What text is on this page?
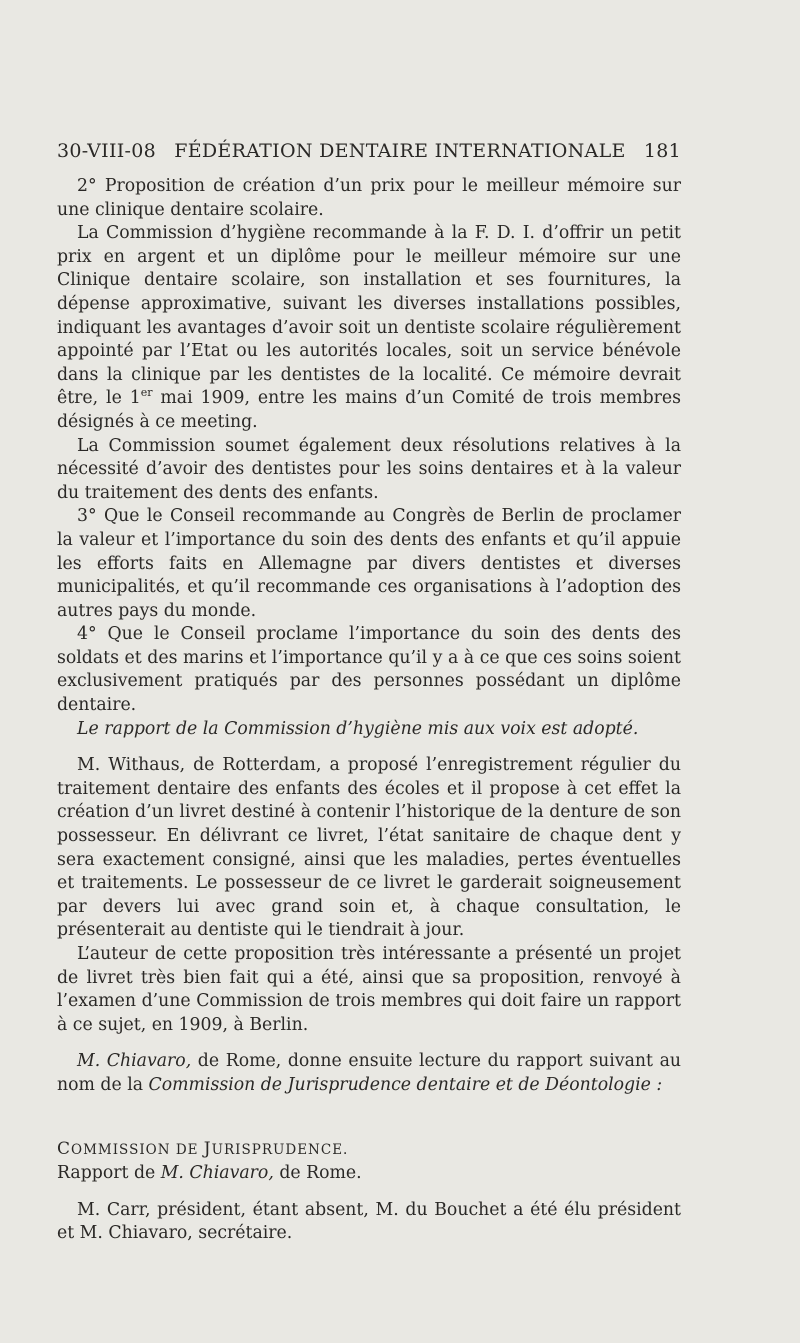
30-VIII-08 FÉDÉRATION DENTAIRE INTERNATIONALE 181

2° Proposition de création d’un prix pour le meilleur mémoire sur une clinique dentaire scolaire.

La Commission d’hygiène recommande à la F. D. I. d’offrir un petit prix en argent et un diplôme pour le meilleur mémoire sur une Clinique dentaire scolaire, son installation et ses fournitures, la dépense approximative, suivant les diverses installations possibles, indiquant les avantages d’avoir soit un dentiste scolaire régulièrement appointé par l’Etat ou les autorités locales, soit un service bénévole dans la clinique par les dentistes de la localité. Ce mémoire devrait être, le 1er mai 1909, entre les mains d’un Comité de trois membres désignés à ce meeting.

La Commission soumet également deux résolutions relatives à la nécessité d’avoir des dentistes pour les soins dentaires et à la valeur du traitement des dents des enfants.

3° Que le Conseil recommande au Congrès de Berlin de proclamer la valeur et l’importance du soin des dents des enfants et qu’il appuie les efforts faits en Allemagne par divers dentistes et diverses municipalités, et qu’il recommande ces organisations à l’adoption des autres pays du monde.

4° Que le Conseil proclame l’importance du soin des dents des soldats et des marins et l’importance qu’il y a à ce que ces soins soient exclusivement pratiqués par des personnes possédant un diplôme dentaire.

Le rapport de la Commission d’hygiène mis aux voix est adopté.

M. Withaus, de Rotterdam, a proposé l’enregistrement régulier du traitement dentaire des enfants des écoles et il propose à cet effet la création d’un livret destiné à contenir l’historique de la denture de son possesseur. En délivrant ce livret, l’état sanitaire de chaque dent y sera exactement consigné, ainsi que les maladies, pertes éventuelles et traitements. Le possesseur de ce livret le garderait soigneusement par devers lui avec grand soin et, à chaque consultation, le présenterait au dentiste qui le tiendrait à jour.

L’auteur de cette proposition très intéressante a présenté un projet de livret très bien fait qui a été, ainsi que sa proposition, renvoyé à l’examen d’une Commission de trois membres qui doit faire un rapport à ce sujet, en 1909, à Berlin.

M. Chiavaro, de Rome, donne ensuite lecture du rapport suivant au nom de la Commission de Jurisprudence dentaire et de Déontologie :

COMMISSION DE JURISPRUDENCE.

Rapport de M. Chiavaro, de Rome.

M. Carr, président, étant absent, M. du Bouchet a été élu président et M. Chiavaro, secrétaire.
